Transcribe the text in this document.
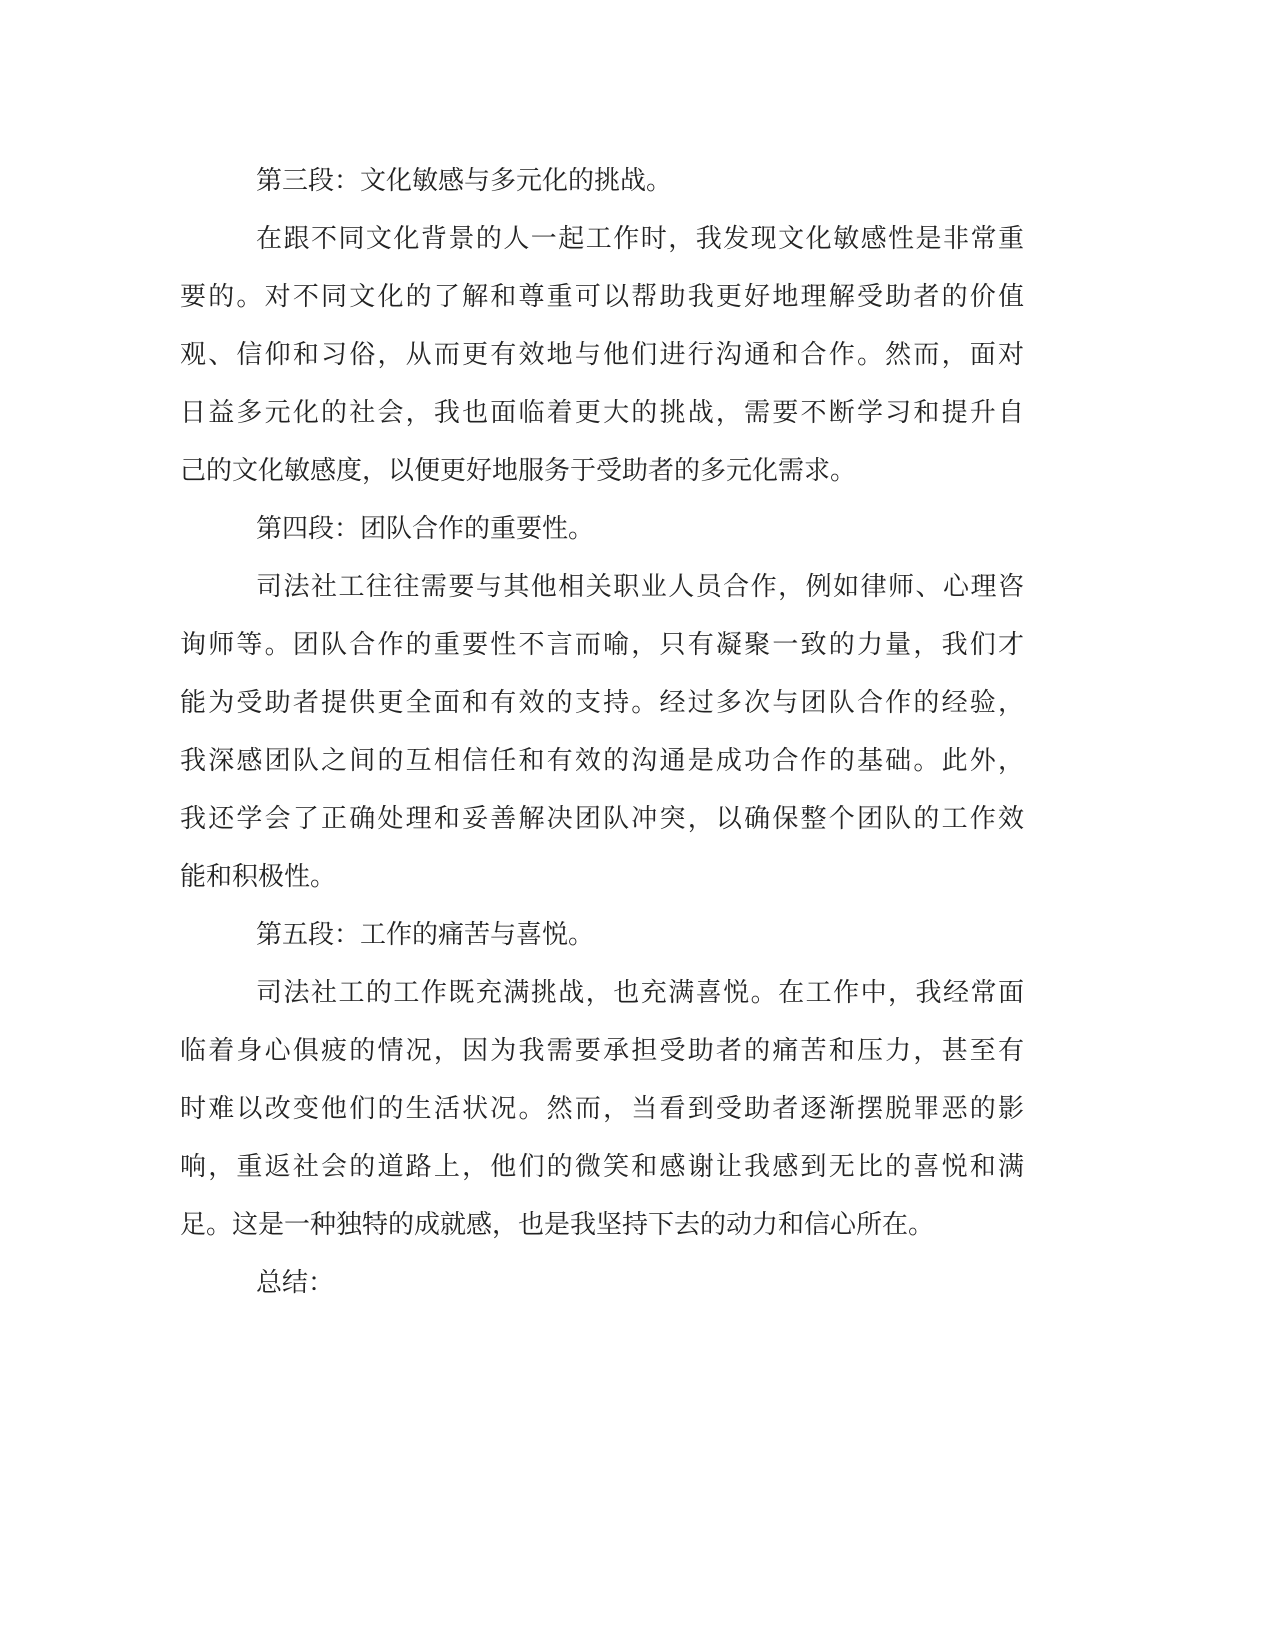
第三段：文化敏感与多元化的挑战。
在跟不同文化背景的人一起工作时，我发现文化敏感性是非常重
要的。对不同文化的了解和尊重可以帮助我更好地理解受助者的价值
观、信仰和习俗，从而更有效地与他们进行沟通和合作。然而，面对
日益多元化的社会，我也面临着更大的挑战，需要不断学习和提升自
己的文化敏感度，以便更好地服务于受助者的多元化需求。
第四段：团队合作的重要性。
司法社工往往需要与其他相关职业人员合作，例如律师、心理咨
询师等。团队合作的重要性不言而喻，只有凝聚一致的力量，我们才
能为受助者提供更全面和有效的支持。经过多次与团队合作的经验，
我深感团队之间的互相信任和有效的沟通是成功合作的基础。此外，
我还学会了正确处理和妥善解决团队冲突，以确保整个团队的工作效
能和积极性。
第五段：工作的痛苦与喜悦。
司法社工的工作既充满挑战，也充满喜悦。在工作中，我经常面
临着身心俱疲的情况，因为我需要承担受助者的痛苦和压力，甚至有
时难以改变他们的生活状况。然而，当看到受助者逐渐摆脱罪恶的影
响，重返社会的道路上，他们的微笑和感谢让我感到无比的喜悦和满
足。这是一种独特的成就感，也是我坚持下去的动力和信心所在。
总结：
